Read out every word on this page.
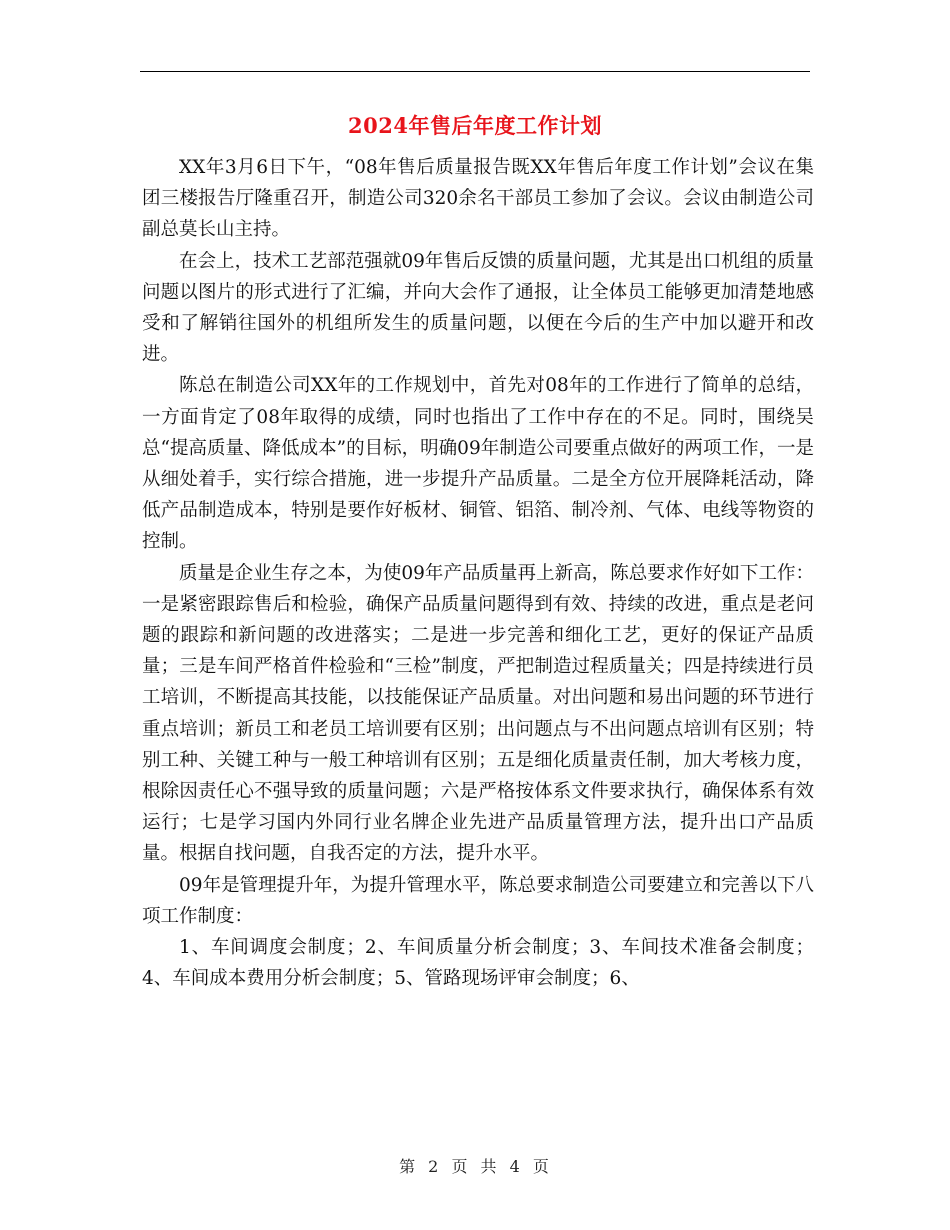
2024年售后年度工作计划

XX年3月6日下午，“08年售后质量报告既XX年售后年度工作计划”会议在集团三楼报告厅隆重召开，制造公司320余名干部员工参加了会议。会议由制造公司副总莫长山主持。

在会上，技术工艺部范强就09年售后反馈的质量问题，尤其是出口机组的质量问题以图片的形式进行了汇编，并向大会作了通报，让全体员工能够更加清楚地感受和了解销往国外的机组所发生的质量问题，以便在今后的生产中加以避开和改进。

陈总在制造公司XX年的工作规划中，首先对08年的工作进行了简单的总结，一方面肯定了08年取得的成绩，同时也指出了工作中存在的不足。同时，围绕吴总“提高质量、降低成本”的目标，明确09年制造公司要重点做好的两项工作，一是从细处着手，实行综合措施，进一步提升产品质量。二是全方位开展降耗活动，降低产品制造成本，特别是要作好板材、铜管、铝箔、制冷剂、气体、电线等物资的控制。

质量是企业生存之本，为使09年产品质量再上新高，陈总要求作好如下工作： 一是紧密跟踪售后和检验，确保产品质量问题得到有效、持续的改进，重点是老问题的跟踪和新问题的改进落实；二是进一步完善和细化工艺，更好的保证产品质量；三是车间严格首件检验和“三检”制度，严把制造过程质量关；四是持续进行员工培训，不断提高其技能，以技能保证产品质量。对出问题和易出问题的环节进行重点培训；新员工和老员工培训要有区别；出问题点与不出问题点培训有区别；特别工种、关键工种与一般工种培训有区别；五是细化质量责任制，加大考核力度，根除因责任心不强导致的质量问题；六是严格按体系文件要求执行，确保体系有效运行；七是学习国内外同行业名牌企业先进产品质量管理方法，提升出口产品质量。根据自找问题，自我否定的方法，提升水平。

09年是管理提升年，为提升管理水平，陈总要求制造公司要建立和完善以下八项工作制度：

1、车间调度会制度；2、车间质量分析会制度；3、车间技术准备会制度；4、车间成本费用分析会制度；5、管路现场评审会制度；6、

第 2 页 共 4 页
